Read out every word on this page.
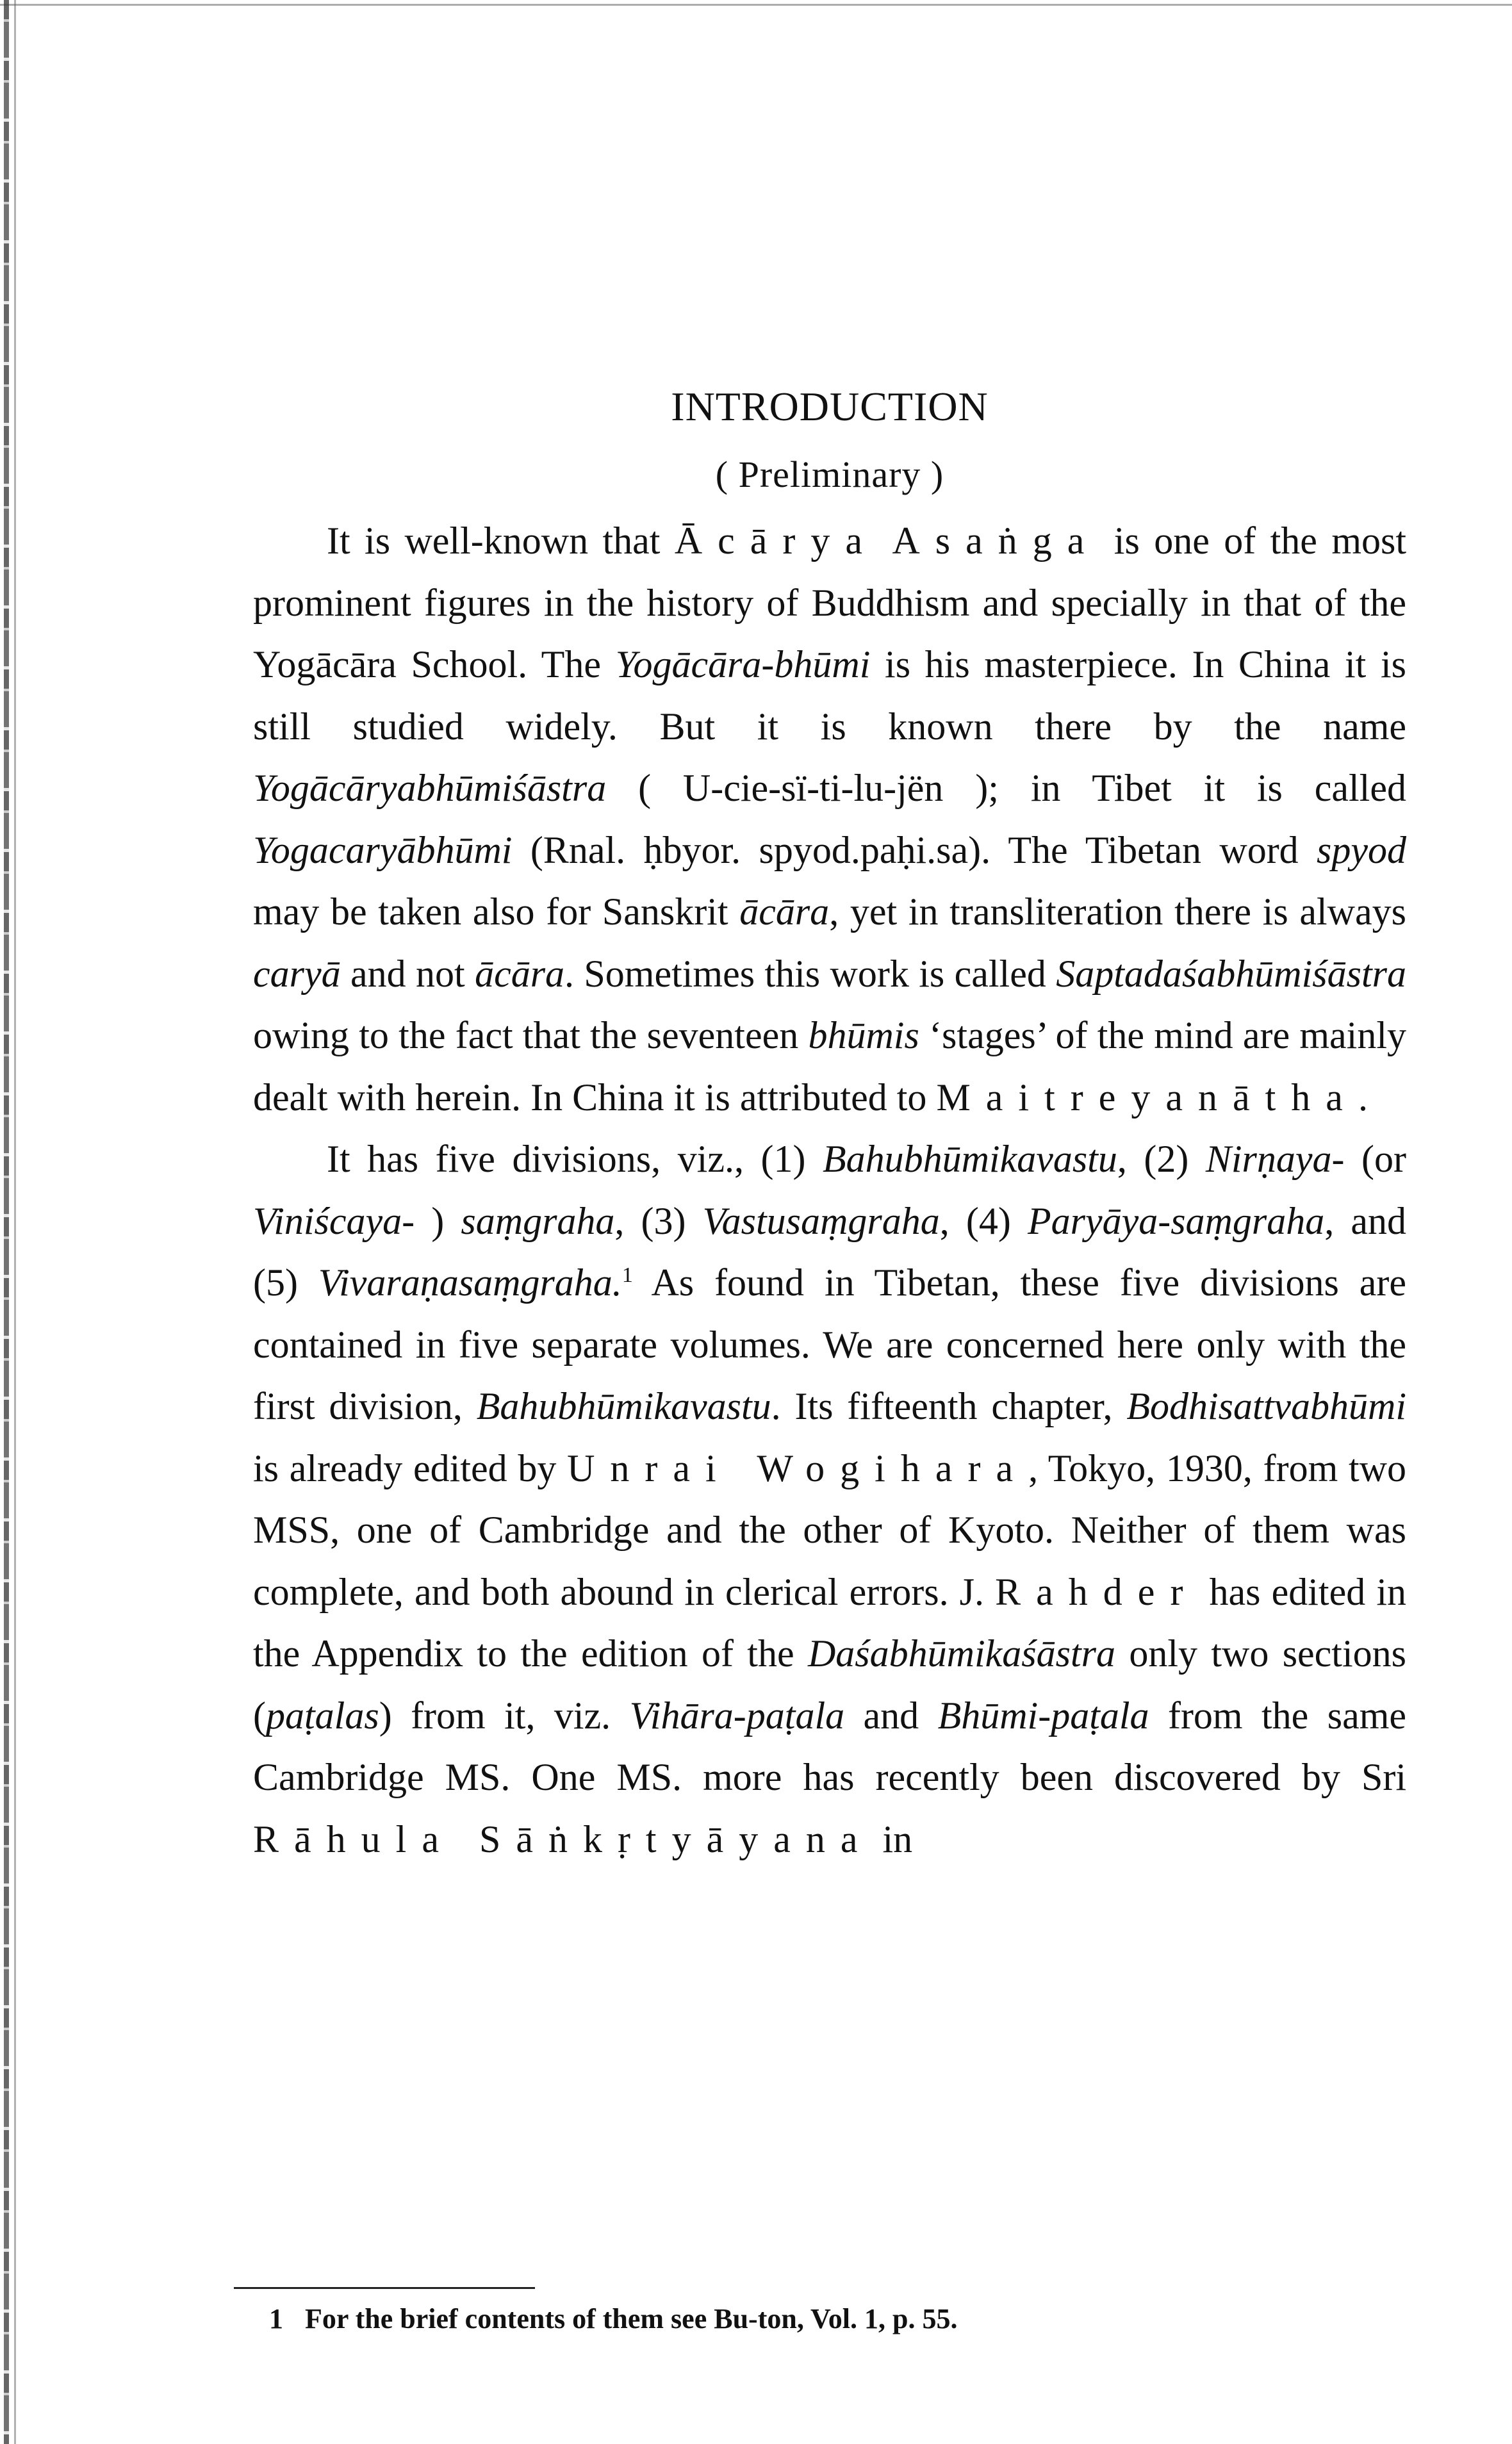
INTRODUCTION
( Preliminary )

It is well-known that Ācārya Asaṅga is one of the most prominent figures in the history of Buddhism and specially in that of the Yogācāra School. The Yogācāra-bhūmi is his masterpiece. In China it is still studied widely. But it is known there by the name Yogācāryabhūmiśāstra ( U-cie-sï-ti-lu-jën ); in Tibet it is called Yogacaryābhūmi (Rnal. ḥbyor. spyod.paḥi.sa). The Tibetan word spyod may be taken also for Sanskrit ācāra, yet in transliteration there is always caryā and not ācāra. Sometimes this work is called Saptadaśabhūmiśāstra owing to the fact that the seventeen bhūmis ‘stages’ of the mind are mainly dealt with herein. In China it is attributed to Maitreyanātha.

It has five divisions, viz., (1) Bahubhūmikavastu, (2) Nirṇaya- (or Viniścaya- ) saṃgraha, (3) Vastusaṃgraha, (4) Paryāya-saṃgraha, and (5) Vivaraṇasaṃgraha.$^1$ As found in Tibetan, these five divisions are contained in five separate volumes. We are concerned here only with the first division, Bahubhūmikavastu. Its fifteenth chapter, Bodhisattvabhūmi is already edited by Unrai Wogihara, Tokyo, 1930, from two MSS, one of Cambridge and the other of Kyoto. Neither of them was complete, and both abound in clerical errors. J. Rahder has edited in the Appendix to the edition of the Daśabhūmikaśāstra only two sections (paṭalas) from it, viz. Vihāra-paṭala and Bhūmi-paṭala from the same Cambridge MS. One MS. more has recently been discovered by Sri Rāhula Sāṅkṛtyāyana in

1 For the brief contents of them see Bu-ton, Vol. 1, p. 55.
